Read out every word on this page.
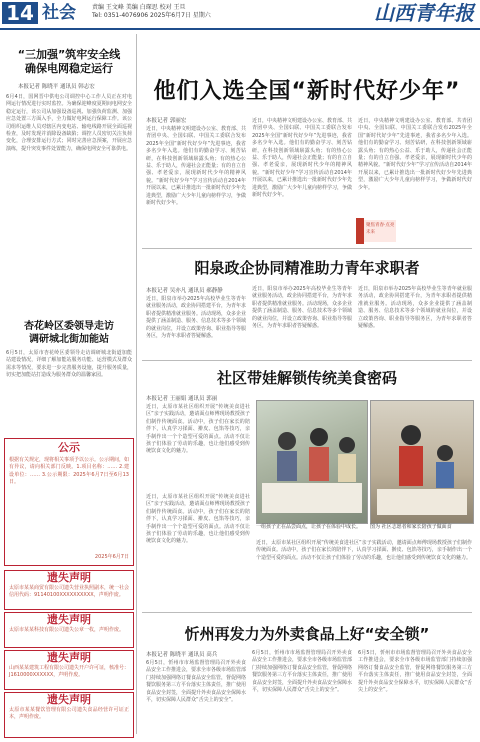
14 社会	责编 王文峰 美编 白琛思 校对 王旦
Tel: 0351-4076906 2025年6月7日 星期六	山西青年报
“三加强”筑牢安全线
确保电网稳定运行
本报记者 陈晓平 通讯员 韩志宏
6月4日，国网晋中供电公司调控中心工作人员正在对电网运行情况进行实时监控。为确保迎峰度夏期间电网安全稳定运行，该公司从加强设备巡视、加强负荷监测、加强应急处置三方面入手，全力做好电网运行保障工作。该公司组织运维人员对辖区内变电站、输电线路开展全面巡视检查，及时发现并消除设备缺陷；调控人员密切关注负荷变化，合理安排运行方式；同时完善应急预案，开展应急演练，提升突发事件处置能力，确保电网安全可靠供电。
杏花岭区委领导走访
调研城北街加能站
6月5日，太原市杏花岭区委领导走访调研城北街道加能站建设情况，详细了解加能站服务功能、运营模式及群众需求等情况，要求进一步完善服务设施，提升服务质量，切实把加能站打造成为服务群众的温馨家园。
公示
根据有关规定，现将相关事项予以公示。公示期间，如有异议，请向相关部门反映。1.项目名称：…… 2.建设单位：…… 3.公示期限：2025年6月7日至6月13日。
2025年6月7日
遗失声明
太原市某某商贸有限公司遗失营业执照副本，统一社会信用代码：91140100XXXXXXXXXX，声明作废。
遗失声明
太原市某某科技有限公司遗失公章一枚，声明作废。
遗失声明
山西某某建筑工程有限公司遗失开户许可证，核准号：J1610000XXXXXX，声明作废。
遗失声明
太原市某某餐饮管理有限公司遗失食品经营许可证正本，声明作废。
他们入选全国“新时代好少年”
本报记者 郭丽宏
近日，中央精神文明建设办公室、教育部、共青团中央、全国妇联、中国关工委联合发布2025年全国“新时代好少年”先进事迹，我省多名少年入选。他们有的勤奋学习、刻苦钻研，在科技创新领域崭露头角；有的热心公益、乐于助人，传递社会正能量；有的自立自强、孝老爱亲，展现新时代少年的精神风貌。“新时代好少年”学习宣传活动自2014年开展以来，已累计推选出一批新时代好少年先进典型，激励广大少年儿童向榜样学习，争做新时代好少年。
近日，中央精神文明建设办公室、教育部、共青团中央、全国妇联、中国关工委联合发布2025年全国“新时代好少年”先进事迹，我省多名少年入选。他们有的勤奋学习、刻苦钻研，在科技创新领域崭露头角；有的热心公益、乐于助人，传递社会正能量；有的自立自强、孝老爱亲，展现新时代少年的精神风貌。“新时代好少年”学习宣传活动自2014年开展以来，已累计推选出一批新时代好少年先进典型，激励广大少年儿童向榜样学习，争做新时代好少年。
近日，中央精神文明建设办公室、教育部、共青团中央、全国妇联、中国关工委联合发布2025年全国“新时代好少年”先进事迹，我省多名少年入选。他们有的勤奋学习、刻苦钻研，在科技创新领域崭露头角；有的热心公益、乐于助人，传递社会正能量；有的自立自强、孝老爱亲，展现新时代少年的精神风貌。“新时代好少年”学习宣传活动自2014年开展以来，已累计推选出一批新时代好少年先进典型，激励广大少年儿童向榜样学习，争做新时代好少年。
聚焦青春·点亮未来
阳泉政企协同精准助力青年求职者
本报记者 吴亦凡 通讯员 郝静静
近日，阳泉市举办2025年高校毕业生等青年就业服务活动，政企协同搭建平台，为青年求职者提供精准就业服务。活动现场，众多企业提供了涵盖制造、服务、信息技术等多个领域的就业岗位，并设立政策咨询、职业指导等服务区，为青年求职者答疑解惑。
近日，阳泉市举办2025年高校毕业生等青年就业服务活动，政企协同搭建平台，为青年求职者提供精准就业服务。活动现场，众多企业提供了涵盖制造、服务、信息技术等多个领域的就业岗位，并设立政策咨询、职业指导等服务区，为青年求职者答疑解惑。
近日，阳泉市举办2025年高校毕业生等青年就业服务活动，政企协同搭建平台，为青年求职者提供精准就业服务。活动现场，众多企业提供了涵盖制造、服务、信息技术等多个领域的就业岗位，并设立政策咨询、职业指导等服务区，为青年求职者答疑解惑。
社区带娃解锁传统美食密码
本报记者 王丽娟 通讯员 郭丽
近日，太原市某社区组织开展“传统美食进社区”亲子实践活动，邀请面点师傅现场教授孩子们制作传统面食。活动中，孩子们在家长的陪伴下，认真学习揉面、擀皮、包馅等技巧，亲手制作出一个个造型可爱的面点。活动不仅让孩子们体验了劳动的乐趣，也让他们感受到传统饮食文化的魅力。
近日，太原市某社区组织开展“传统美食进社区”亲子实践活动，邀请面点师傅现场教授孩子们制作传统面食。活动中，孩子们在家长的陪伴下，认真学习揉面、擀皮、包馅等技巧，亲手制作出一个个造型可爱的面点。活动不仅让孩子们体验了劳动的乐趣，也让他们感受到传统饮食文化的魅力。
一组孩子正在品尝面点，让孩子在体验中成长。	图为 社区志愿者和家长陪孩子做面食
近日，太原市某社区组织开展“传统美食进社区”亲子实践活动，邀请面点师傅现场教授孩子们制作传统面食。活动中，孩子们在家长的陪伴下，认真学习揉面、擀皮、包馅等技巧，亲手制作出一个个造型可爱的面点。活动不仅让孩子们体验了劳动的乐趣，也让他们感受到传统饮食文化的魅力。
忻州再发力为外卖食品上好“安全锁”
本报记者 陈晓平 通讯员 高兵
6月5日，忻州市市场监督管理局召开外卖食品安全工作推进会，要求全市各级市场监管部门持续加强网络订餐食品安全监管，督促网络餐饮服务第三方平台落实主体责任，推广使用食品安全封签，全面提升外卖食品安全保障水平，切实保障人民群众“舌尖上的安全”。
6月5日，忻州市市场监督管理局召开外卖食品安全工作推进会，要求全市各级市场监管部门持续加强网络订餐食品安全监管，督促网络餐饮服务第三方平台落实主体责任，推广使用食品安全封签，全面提升外卖食品安全保障水平，切实保障人民群众“舌尖上的安全”。
6月5日，忻州市市场监督管理局召开外卖食品安全工作推进会，要求全市各级市场监管部门持续加强网络订餐食品安全监管，督促网络餐饮服务第三方平台落实主体责任，推广使用食品安全封签，全面提升外卖食品安全保障水平，切实保障人民群众“舌尖上的安全”。
